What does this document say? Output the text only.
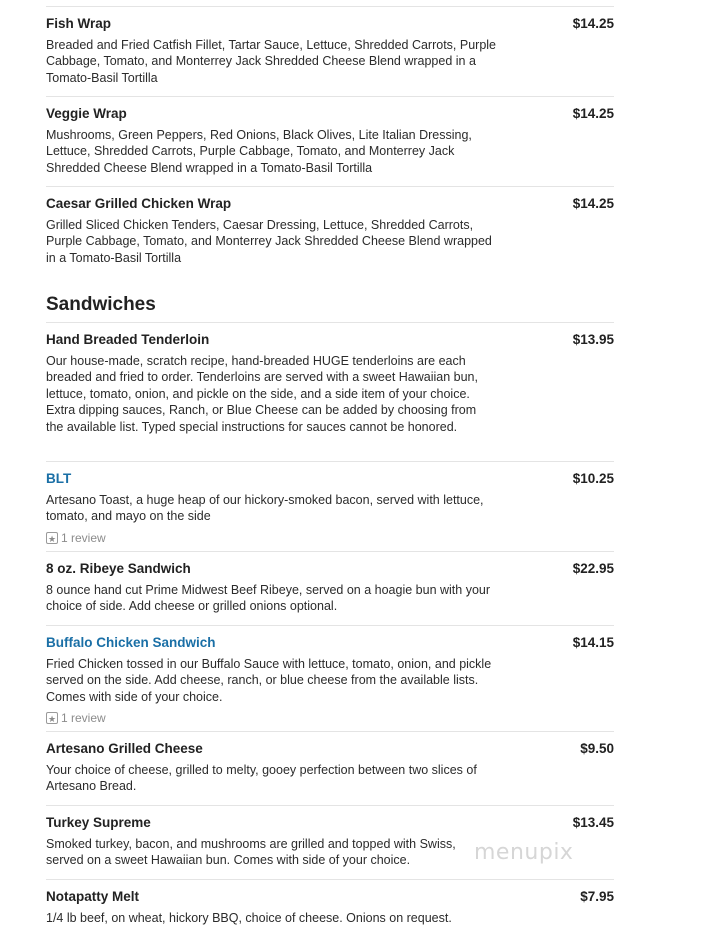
Fish Wrap	$14.25
Breaded and Fried Catfish Fillet, Tartar Sauce, Lettuce, Shredded Carrots, Purple Cabbage, Tomato, and Monterrey Jack Shredded Cheese Blend wrapped in a Tomato-Basil Tortilla
Veggie Wrap	$14.25
Mushrooms, Green Peppers, Red Onions, Black Olives, Lite Italian Dressing, Lettuce, Shredded Carrots, Purple Cabbage, Tomato, and Monterrey Jack Shredded Cheese Blend wrapped in a Tomato-Basil Tortilla
Caesar Grilled Chicken Wrap	$14.25
Grilled Sliced Chicken Tenders, Caesar Dressing, Lettuce, Shredded Carrots, Purple Cabbage, Tomato, and Monterrey Jack Shredded Cheese Blend wrapped in a Tomato-Basil Tortilla
Sandwiches
Hand Breaded Tenderloin	$13.95
Our house-made, scratch recipe, hand-breaded HUGE tenderloins are each breaded and fried to order. Tenderloins are served with a sweet Hawaiian bun, lettuce, tomato, onion, and pickle on the side, and a side item of your choice. Extra dipping sauces, Ranch, or Blue Cheese can be added by choosing from the available list. Typed special instructions for sauces cannot be honored.
BLT	$10.25
Artesano Toast, a huge heap of our hickory-smoked bacon, served with lettuce, tomato, and mayo on the side
★ 1 review
8 oz. Ribeye Sandwich	$22.95
8 ounce hand cut Prime Midwest Beef Ribeye, served on a hoagie bun with your choice of side. Add cheese or grilled onions optional.
Buffalo Chicken Sandwich	$14.15
Fried Chicken tossed in our Buffalo Sauce with lettuce, tomato, onion, and pickle served on the side. Add cheese, ranch, or blue cheese from the available lists. Comes with side of your choice.
★ 1 review
Artesano Grilled Cheese	$9.50
Your choice of cheese, grilled to melty, gooey perfection between two slices of Artesano Bread.
Turkey Supreme	$13.45
Smoked turkey, bacon, and mushrooms are grilled and topped with Swiss, served on a sweet Hawaiian bun. Comes with side of your choice.
Notapatty Melt	$7.95
1/4 lb beef, on wheat, hickory BBQ, choice of cheese. Onions on request.
menupix
